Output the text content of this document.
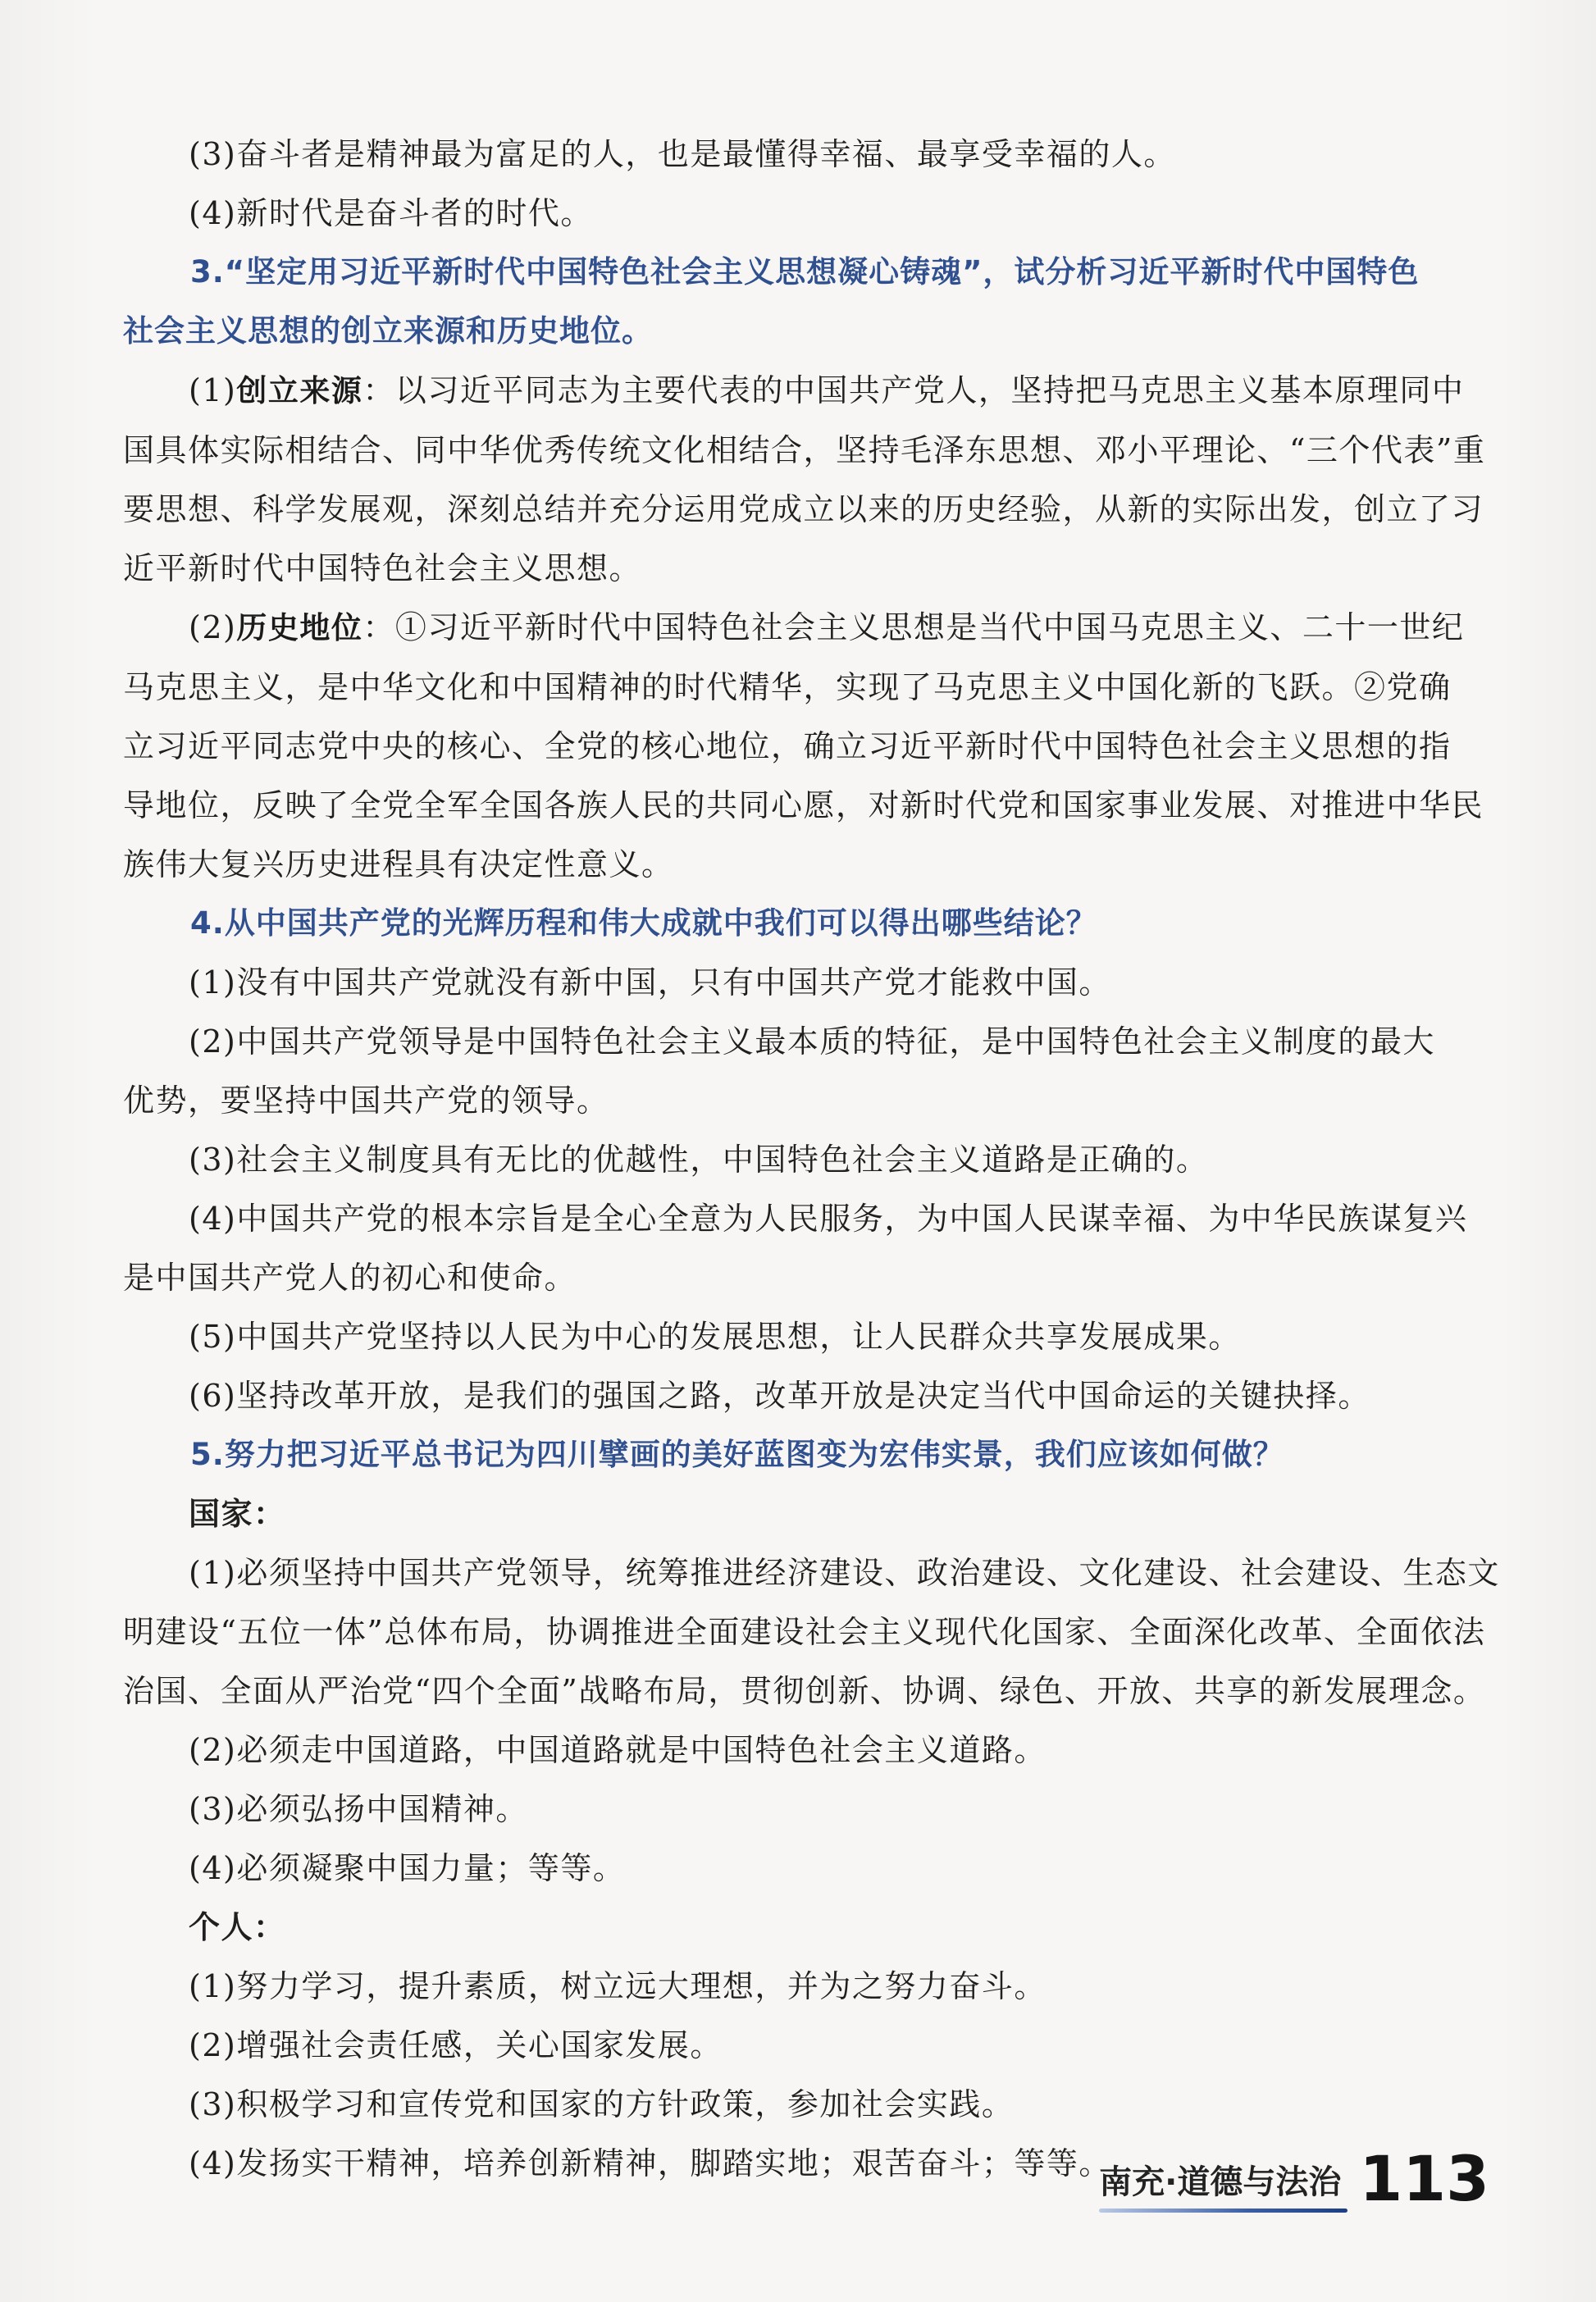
(3)奋斗者是精神最为富足的人，也是最懂得幸福、最享受幸福的人。

(4)新时代是奋斗者的时代。

3.“坚定用习近平新时代中国特色社会主义思想凝心铸魂”，试分析习近平新时代中国特色

社会主义思想的创立来源和历史地位。

(1)创立来源：以习近平同志为主要代表的中国共产党人，坚持把马克思主义基本原理同中

国具体实际相结合、同中华优秀传统文化相结合，坚持毛泽东思想、邓小平理论、“三个代表”重

要思想、科学发展观，深刻总结并充分运用党成立以来的历史经验，从新的实际出发，创立了习

近平新时代中国特色社会主义思想。

(2)历史地位：①习近平新时代中国特色社会主义思想是当代中国马克思主义、二十一世纪

马克思主义，是中华文化和中国精神的时代精华，实现了马克思主义中国化新的飞跃。②党确

立习近平同志党中央的核心、全党的核心地位，确立习近平新时代中国特色社会主义思想的指

导地位，反映了全党全军全国各族人民的共同心愿，对新时代党和国家事业发展、对推进中华民

族伟大复兴历史进程具有决定性意义。

4.从中国共产党的光辉历程和伟大成就中我们可以得出哪些结论？

(1)没有中国共产党就没有新中国，只有中国共产党才能救中国。

(2)中国共产党领导是中国特色社会主义最本质的特征，是中国特色社会主义制度的最大

优势，要坚持中国共产党的领导。

(3)社会主义制度具有无比的优越性，中国特色社会主义道路是正确的。

(4)中国共产党的根本宗旨是全心全意为人民服务，为中国人民谋幸福、为中华民族谋复兴

是中国共产党人的初心和使命。

(5)中国共产党坚持以人民为中心的发展思想，让人民群众共享发展成果。

(6)坚持改革开放，是我们的强国之路，改革开放是决定当代中国命运的关键抉择。

5.努力把习近平总书记为四川擘画的美好蓝图变为宏伟实景，我们应该如何做？

国家：

(1)必须坚持中国共产党领导，统筹推进经济建设、政治建设、文化建设、社会建设、生态文

明建设“五位一体”总体布局，协调推进全面建设社会主义现代化国家、全面深化改革、全面依法

治国、全面从严治党“四个全面”战略布局，贯彻创新、协调、绿色、开放、共享的新发展理念。

(2)必须走中国道路，中国道路就是中国特色社会主义道路。

(3)必须弘扬中国精神。

(4)必须凝聚中国力量；等等。

个人：

(1)努力学习，提升素质，树立远大理想，并为之努力奋斗。

(2)增强社会责任感，关心国家发展。

(3)积极学习和宣传党和国家的方针政策，参加社会实践。

(4)发扬实干精神，培养创新精神，脚踏实地；艰苦奋斗；等等。

南充·道德与法治 113
